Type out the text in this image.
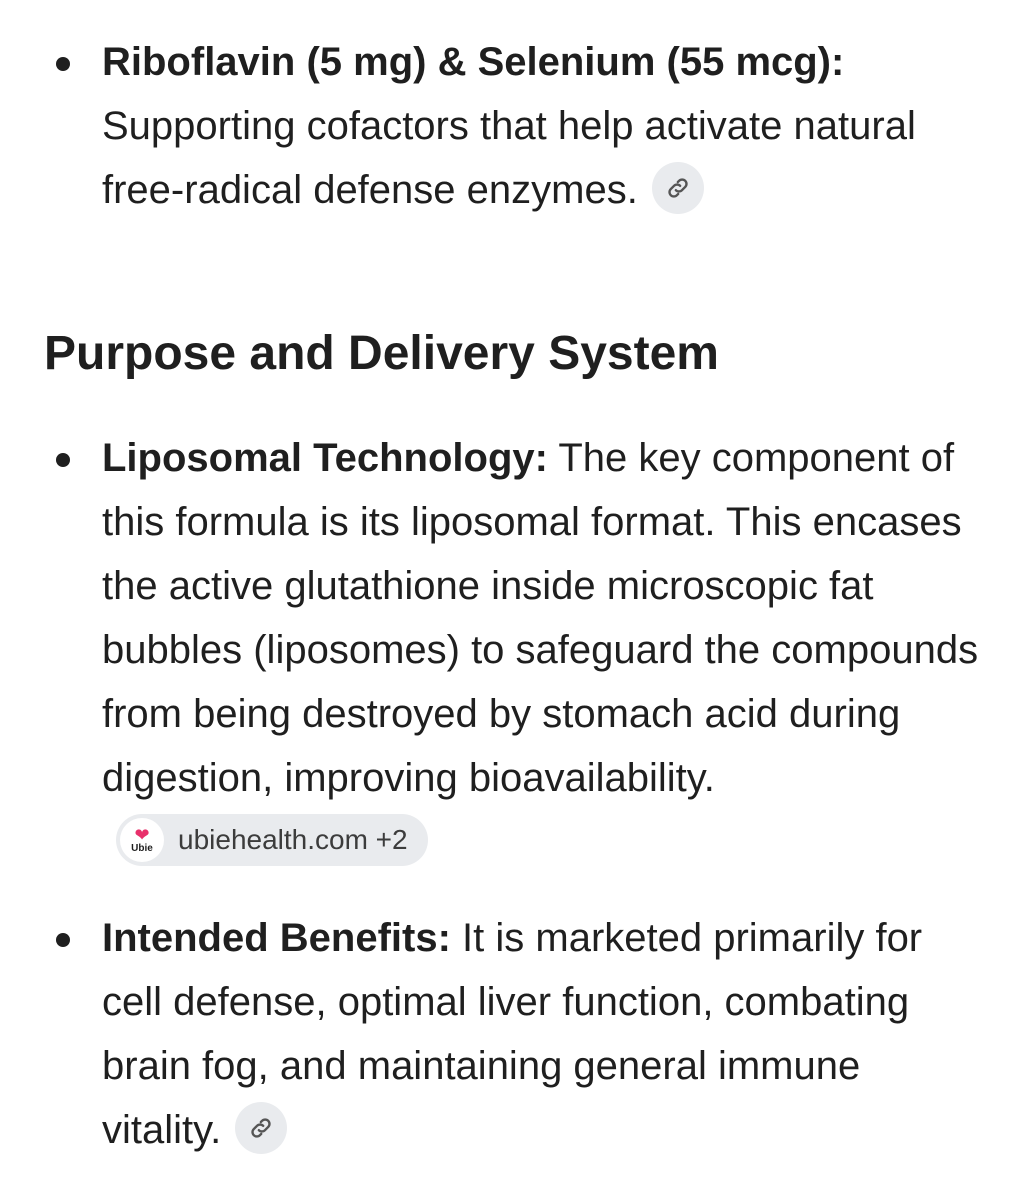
Riboflavin (5 mg) & Selenium (55 mcg):
Supporting cofactors that help activate natural free-radical defense enzymes.
Purpose and Delivery System
Liposomal Technology: The key component of this formula is its liposomal format. This encases the active glutathione inside microscopic fat bubbles (liposomes) to safeguard the compounds from being destroyed by stomach acid during digestion, improving bioavailability.
❤
Ubie ubiehealth.com +2
Intended Benefits: It is marketed primarily for cell defense, optimal liver function, combating brain fog, and maintaining general immune vitality.
